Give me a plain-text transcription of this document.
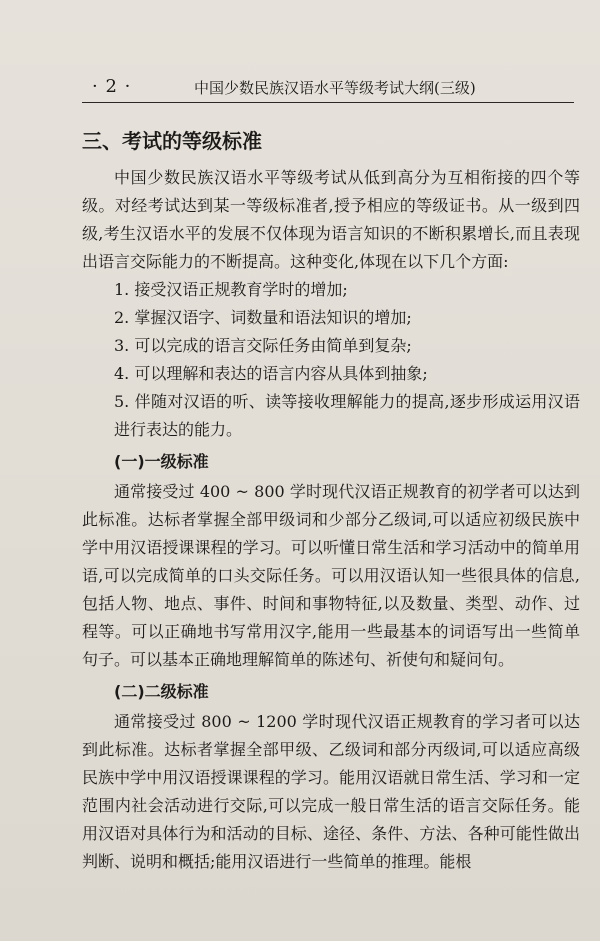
· 2 ·	中国少数民族汉语水平等级考试大纲(三级)
三、考试的等级标准

中国少数民族汉语水平等级考试从低到高分为互相衔接的四个等级。对经考试达到某一等级标准者,授予相应的等级证书。从一级到四级,考生汉语水平的发展不仅体现为语言知识的不断积累增长,而且表现出语言交际能力的不断提高。这种变化,体现在以下几个方面:

1. 接受汉语正规教育学时的增加;
2. 掌握汉语字、词数量和语法知识的增加;
3. 可以完成的语言交际任务由简单到复杂;
4. 可以理解和表达的语言内容从具体到抽象;
5. 伴随对汉语的听、读等接收理解能力的提高,逐步形成运用汉语进行表达的能力。
(一)一级标准

通常接受过 400 ~ 800 学时现代汉语正规教育的初学者可以达到此标准。达标者掌握全部甲级词和少部分乙级词,可以适应初级民族中学中用汉语授课课程的学习。可以听懂日常生活和学习活动中的简单用语,可以完成简单的口头交际任务。可以用汉语认知一些很具体的信息,包括人物、地点、事件、时间和事物特征,以及数量、类型、动作、过程等。可以正确地书写常用汉字,能用一些最基本的词语写出一些简单句子。可以基本正确地理解简单的陈述句、祈使句和疑问句。

(二)二级标准

通常接受过 800 ~ 1200 学时现代汉语正规教育的学习者可以达到此标准。达标者掌握全部甲级、乙级词和部分丙级词,可以适应高级民族中学中用汉语授课课程的学习。能用汉语就日常生活、学习和一定范围内社会活动进行交际,可以完成一般日常生活的语言交际任务。能用汉语对具体行为和活动的目标、途径、条件、方法、各种可能性做出判断、说明和概括;能用汉语进行一些简单的推理。能根
